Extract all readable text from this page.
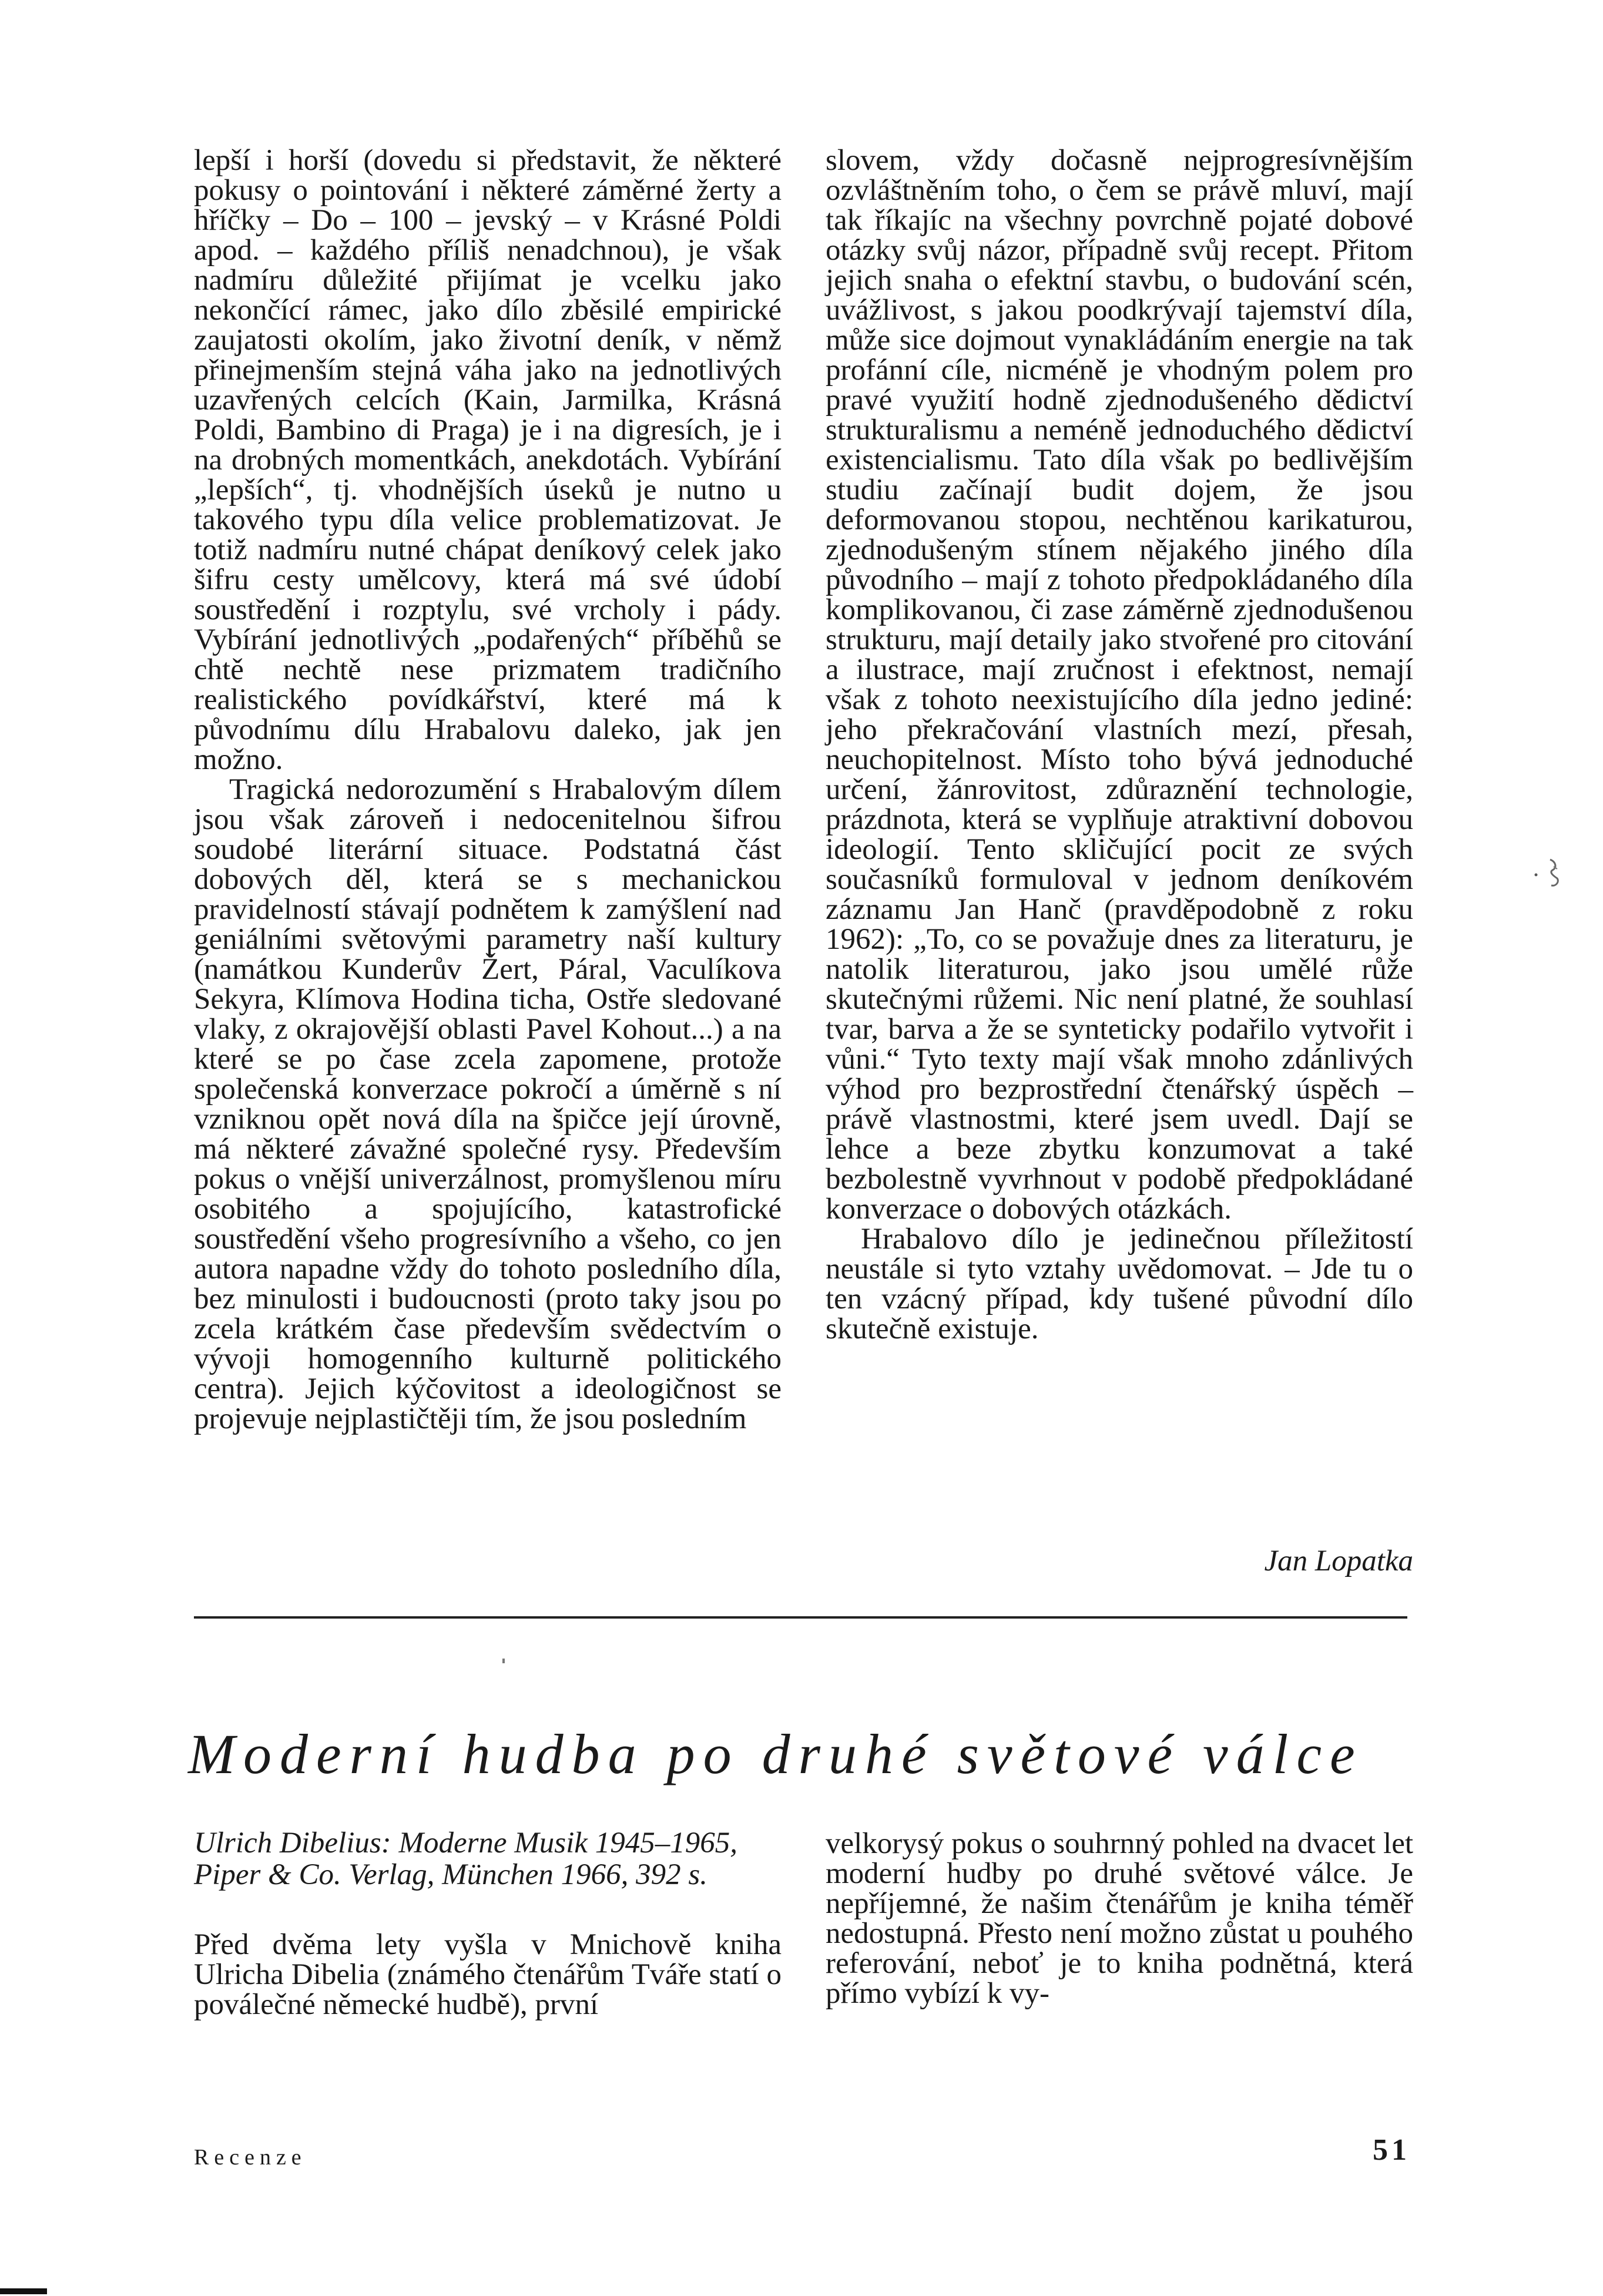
lepší i horší (dovedu si představit, že některé pokusy o pointování i některé záměrné žerty a hříčky – Do – 100 – jevský – v Krásné Poldi apod. – každého příliš nenadchnou), je však nadmíru důležité přijímat je vcelku jako nekončící rámec, jako dílo zběsilé empirické zaujatosti okolím, jako životní deník, v němž přinejmenším stejná váha jako na jednotlivých uzavřených celcích (Kain, Jarmilka, Krásná Poldi, Bambino di Praga) je i na digresích, je i na drobných momentkách, anekdotách. Vybírání „lepších“, tj. vhodnějších úseků je nutno u takového typu díla velice problematizovat. Je totiž nadmíru nutné chápat deníkový celek jako šifru cesty umělcovy, která má své údobí soustředění i rozptylu, své vrcholy i pády. Vybírání jednotlivých „podařených“ příběhů se chtě nechtě nese prizmatem tradičního realistického povídkářství, které má k původnímu dílu Hrabalovu daleko, jak jen možno.

Tragická nedorozumění s Hrabalovým dílem jsou však zároveň i nedocenitelnou šifrou soudobé literární situace. Podstatná část dobových děl, která se s mechanickou pravidelností stávají podnětem k zamýšlení nad geniálními světovými parametry naší kultury (namátkou Kunderův Žert, Páral, Vaculíkova Sekyra, Klímova Hodina ticha, Ostře sledované vlaky, z okrajovější oblasti Pavel Kohout...) a na které se po čase zcela zapomene, protože společenská konverzace pokročí a úměrně s ní vzniknou opět nová díla na špičce její úrovně, má některé závažné společné rysy. Především pokus o vnější univerzálnost, promyšlenou míru osobitého a spojujícího, katastrofické soustředění všeho progresívního a všeho, co jen autora napadne vždy do tohoto posledního díla, bez minulosti i budoucnosti (proto taky jsou po zcela krátkém čase především svědectvím o vývoji homogenního kulturně politického centra). Jejich kýčovitost a ideologičnost se projevuje nejplastičtěji tím, že jsou posledním

slovem, vždy dočasně nejprogresívnějším ozvláštněním toho, o čem se právě mluví, mají tak říkajíc na všechny povrchně pojaté dobové otázky svůj názor, případně svůj recept. Přitom jejich snaha o efektní stavbu, o budování scén, uvážlivost, s jakou poodkrývají tajemství díla, může sice dojmout vynakládáním energie na tak profánní cíle, nicméně je vhodným polem pro pravé využití hodně zjednodušeného dědictví strukturalismu a neméně jednoduchého dědictví existencialismu. Tato díla však po bedlivějším studiu začínají budit dojem, že jsou deformovanou stopou, nechtěnou karikaturou, zjednodušeným stínem nějakého jiného díla původního – mají z tohoto předpokládaného díla komplikovanou, či zase záměrně zjednodušenou strukturu, mají detaily jako stvořené pro citování a ilustrace, mají zručnost i efektnost, nemají však z tohoto neexistujícího díla jedno jediné: jeho překračování vlastních mezí, přesah, neuchopitelnost. Místo toho bývá jednoduché určení, žánrovitost, zdůraznění technologie, prázdnota, která se vyplňuje atraktivní dobovou ideologií. Tento skličující pocit ze svých současníků formuloval v jednom deníkovém záznamu Jan Hanč (pravděpodobně z roku 1962): „To, co se považuje dnes za literaturu, je natolik literaturou, jako jsou umělé růže skutečnými růžemi. Nic není platné, že souhlasí tvar, barva a že se synteticky podařilo vytvořit i vůni.“ Tyto texty mají však mnoho zdánlivých výhod pro bezprostřední čtenářský úspěch – právě vlastnostmi, které jsem uvedl. Dají se lehce a beze zbytku konzumovat a také bezbolestně vyvrhnout v podobě předpokládané konverzace o dobových otázkách.

Hrabalovo dílo je jedinečnou příležitostí neustále si tyto vztahy uvědomovat. – Jde tu o ten vzácný případ, kdy tušené původní dílo skutečně existuje.

Jan Lopatka
Moderní hudba po druhé světové válce
Ulrich Dibelius: Moderne Musik 1945–1965, Piper & Co. Verlag, München 1966, 392 s.

Před dvěma lety vyšla v Mnichově kniha Ulricha Dibelia (známého čtenářům Tváře statí o poválečné německé hudbě), první

velkorysý pokus o souhrnný pohled na dvacet let moderní hudby po druhé světové válce. Je nepříjemné, že našim čtenářům je kniha téměř nedostupná. Přesto není možno zůstat u pouhého referování, neboť je to kniha podnětná, která přímo vybízí k vy-

Recenze	51
